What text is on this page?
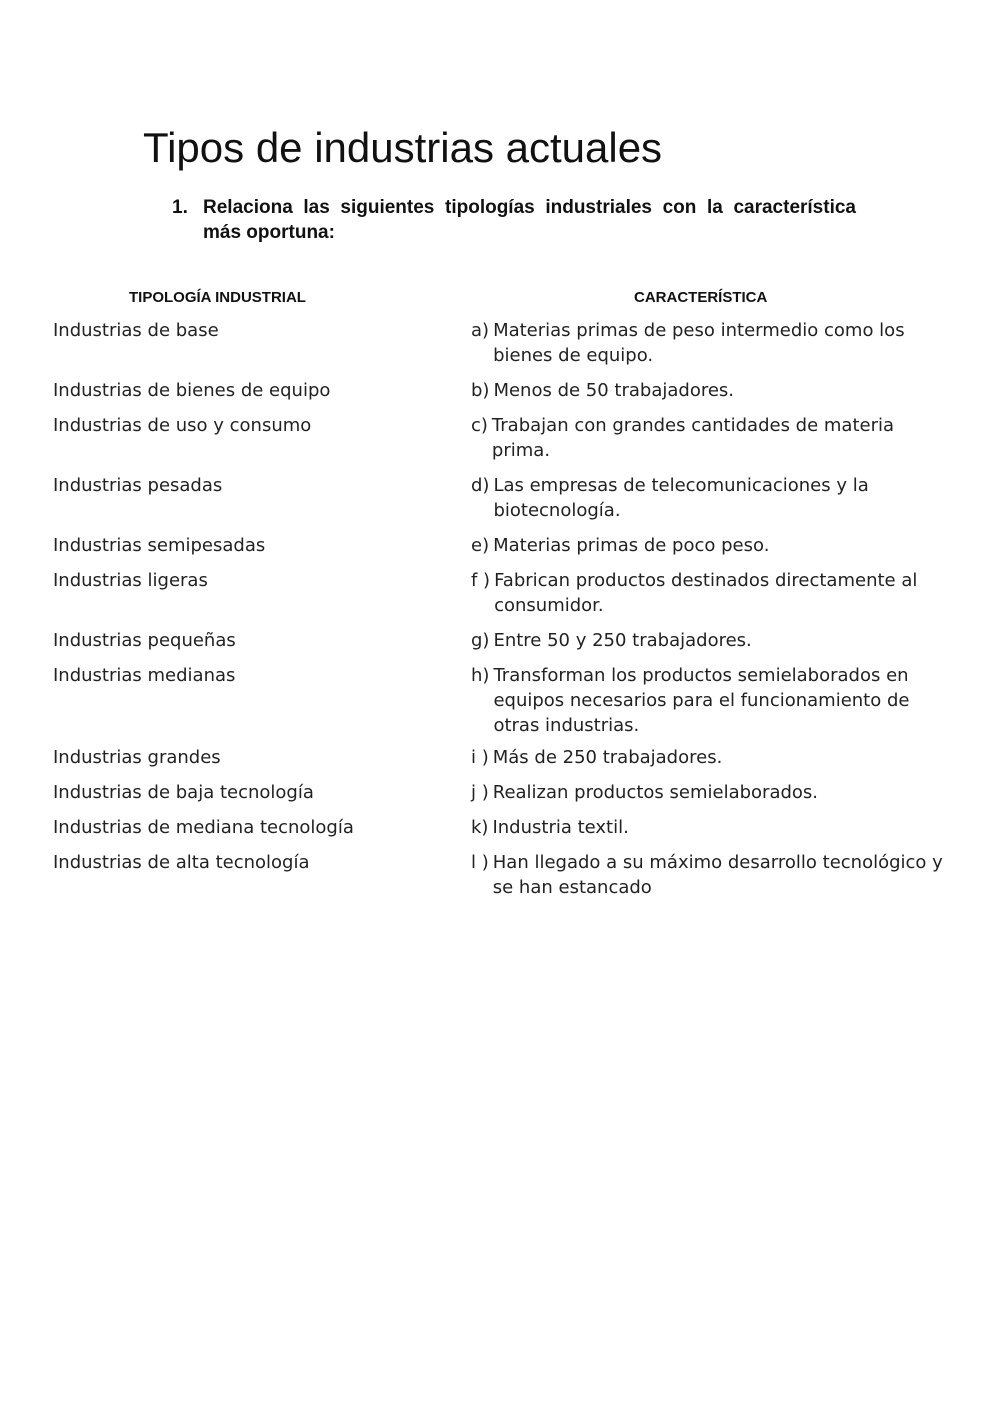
Tipos de industrias actuales
1. Relaciona las siguientes tipologías industriales con la característica más oportuna:
TIPOLOGÍA INDUSTRIAL	CARACTERÍSTICA
Industrias de base	a) Materias primas de peso intermedio como los bienes de equipo.
Industrias de bienes de equipo	b) Menos de 50 trabajadores.
Industrias de uso y consumo	c) Trabajan con grandes cantidades de materia prima.
Industrias pesadas	d) Las empresas de telecomunicaciones y la biotecnología.
Industrias semipesadas	e) Materias primas de poco peso.
Industrias ligeras	f ) Fabrican productos destinados directamente al consumidor.
Industrias pequeñas	g) Entre 50 y 250 trabajadores.
Industrias medianas	h) Transforman los productos semielaborados en equipos necesarios para el funcionamiento de otras industrias.
Industrias grandes	i ) Más de 250 trabajadores.
Industrias de baja tecnología	j ) Realizan productos semielaborados.
Industrias de mediana tecnología	k) Industria textil.
Industrias de alta tecnología	l ) Han llegado a su máximo desarrollo tecnológico y se han estancado
